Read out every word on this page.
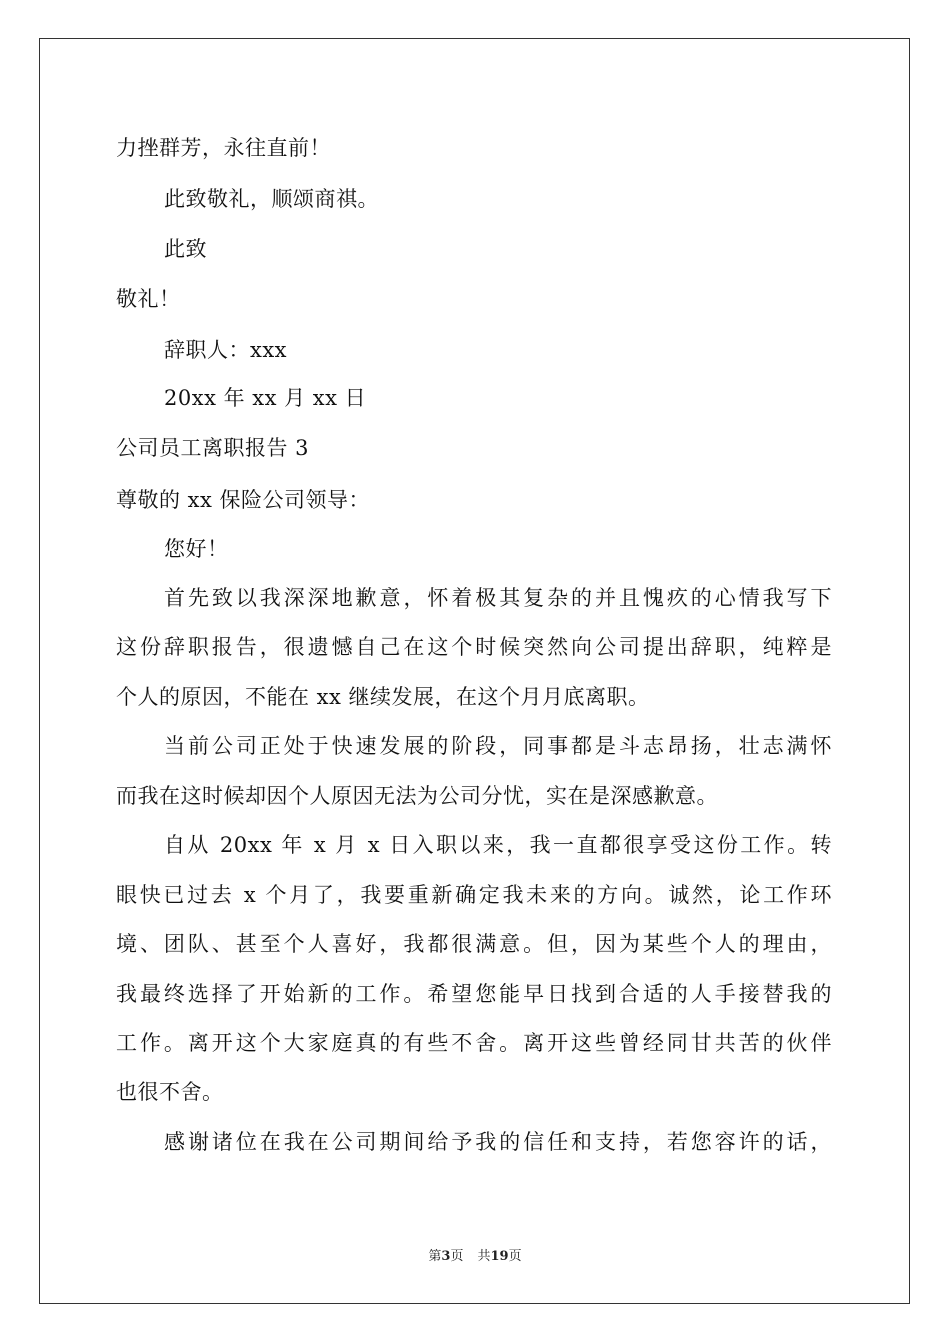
力挫群芳，永往直前！
此致敬礼，顺颂商祺。
此致
敬礼！
辞职人：xxx
20xx 年 xx 月 xx 日
公司员工离职报告 3
尊敬的 xx 保险公司领导：
您好！
首先致以我深深地歉意，怀着极其复杂的并且愧疚的心情我写下
这份辞职报告，很遗憾自己在这个时候突然向公司提出辞职，纯粹是
个人的原因，不能在 xx 继续发展，在这个月月底离职。
当前公司正处于快速发展的阶段，同事都是斗志昂扬，壮志满怀
而我在这时候却因个人原因无法为公司分忧，实在是深感歉意。
自从 20xx 年 x 月 x 日入职以来，我一直都很享受这份工作。转
眼快已过去 x 个月了，我要重新确定我未来的方向。诚然，论工作环
境、团队、甚至个人喜好，我都很满意。但，因为某些个人的理由，
我最终选择了开始新的工作。希望您能早日找到合适的人手接替我的
工作。离开这个大家庭真的有些不舍。离开这些曾经同甘共苦的伙伴
也很不舍。
感谢诸位在我在公司期间给予我的信任和支持，若您容许的话，
第3页 共19页
